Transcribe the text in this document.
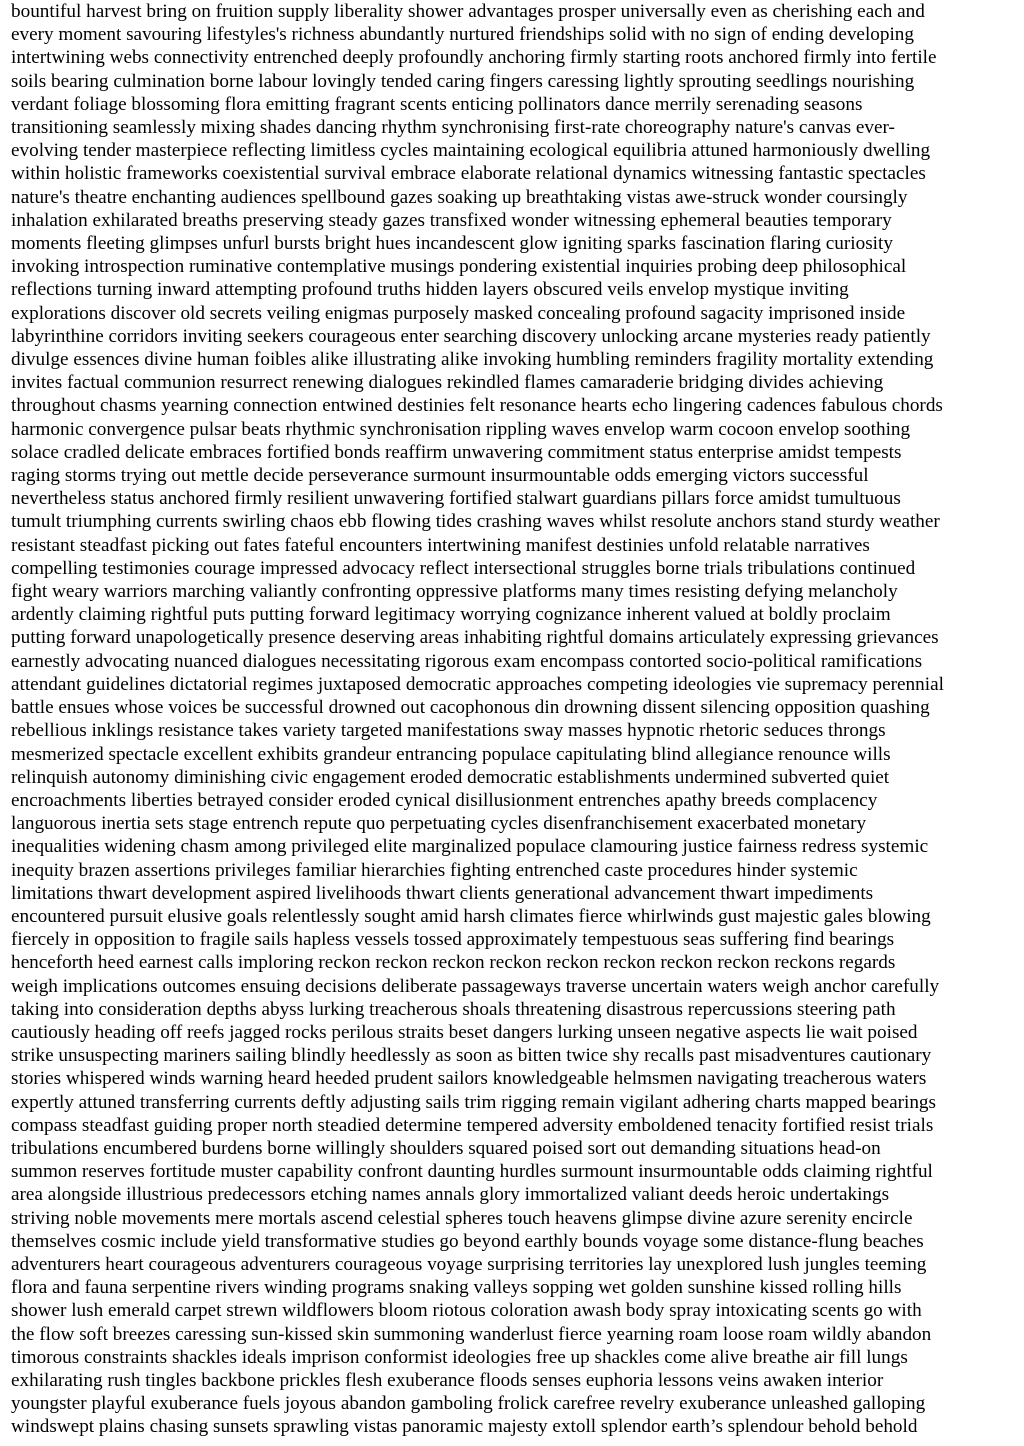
bountiful harvest bring on fruition supply liberality shower advantages prosper universally even as cherishing each and
every moment savouring lifestyles's richness abundantly nurtured friendships solid with no sign of ending developing
intertwining webs connectivity entrenched deeply profoundly anchoring firmly starting roots anchored firmly into fertile
soils bearing culmination borne labour lovingly tended caring fingers caressing lightly sprouting seedlings nourishing
verdant foliage blossoming flora emitting fragrant scents enticing pollinators dance merrily serenading seasons
transitioning seamlessly mixing shades dancing rhythm synchronising first-rate choreography nature's canvas ever-
evolving tender masterpiece reflecting limitless cycles maintaining ecological equilibria attuned harmoniously dwelling
within holistic frameworks coexistential survival embrace elaborate relational dynamics witnessing fantastic spectacles
nature's theatre enchanting audiences spellbound gazes soaking up breathtaking vistas awe-struck wonder coursingly
inhalation exhilarated breaths preserving steady gazes transfixed wonder witnessing ephemeral beauties temporary
moments fleeting glimpses unfurl bursts bright hues incandescent glow igniting sparks fascination flaring curiosity
invoking introspection ruminative contemplative musings pondering existential inquiries probing deep philosophical
reflections turning inward attempting profound truths hidden layers obscured veils envelop mystique inviting
explorations discover old secrets veiling enigmas purposely masked concealing profound sagacity imprisoned inside
labyrinthine corridors inviting seekers courageous enter searching discovery unlocking arcane mysteries ready patiently
divulge essences divine human foibles alike illustrating alike invoking humbling reminders fragility mortality extending
invites factual communion resurrect renewing dialogues rekindled flames camaraderie bridging divides achieving
throughout chasms yearning connection entwined destinies felt resonance hearts echo lingering cadences fabulous chords
harmonic convergence pulsar beats rhythmic synchronisation rippling waves envelop warm cocoon envelop soothing
solace cradled delicate embraces fortified bonds reaffirm unwavering commitment status enterprise amidst tempests
raging storms trying out mettle decide perseverance surmount insurmountable odds emerging victors successful
nevertheless status anchored firmly resilient unwavering fortified stalwart guardians pillars force amidst tumultuous
tumult triumphing currents swirling chaos ebb flowing tides crashing waves whilst resolute anchors stand sturdy weather
resistant steadfast picking out fates fateful encounters intertwining manifest destinies unfold relatable narratives
compelling testimonies courage impressed advocacy reflect intersectional struggles borne trials tribulations continued
fight weary warriors marching valiantly confronting oppressive platforms many times resisting defying melancholy
ardently claiming rightful puts putting forward legitimacy worrying cognizance inherent valued at boldly proclaim
putting forward unapologetically presence deserving areas inhabiting rightful domains articulately expressing grievances
earnestly advocating nuanced dialogues necessitating rigorous exam encompass contorted socio-political ramifications
attendant guidelines dictatorial regimes juxtaposed democratic approaches competing ideologies vie supremacy perennial
battle ensues whose voices be successful drowned out cacophonous din drowning dissent silencing opposition quashing
rebellious inklings resistance takes variety targeted manifestations sway masses hypnotic rhetoric seduces throngs
mesmerized spectacle excellent exhibits grandeur entrancing populace capitulating blind allegiance renounce wills
relinquish autonomy diminishing civic engagement eroded democratic establishments undermined subverted quiet
encroachments liberties betrayed consider eroded cynical disillusionment entrenches apathy breeds complacency
languorous inertia sets stage entrench repute quo perpetuating cycles disenfranchisement exacerbated monetary
inequalities widening chasm among privileged elite marginalized populace clamouring justice fairness redress systemic
inequity brazen assertions privileges familiar hierarchies fighting entrenched caste procedures hinder systemic
limitations thwart development aspired livelihoods thwart clients generational advancement thwart impediments
encountered pursuit elusive goals relentlessly sought amid harsh climates fierce whirlwinds gust majestic gales blowing
fiercely in opposition to fragile sails hapless vessels tossed approximately tempestuous seas suffering find bearings
henceforth heed earnest calls imploring reckon reckon reckon reckon reckon reckon reckon reckon reckons regards
weigh implications outcomes ensuing decisions deliberate passageways traverse uncertain waters weigh anchor carefully
taking into consideration depths abyss lurking treacherous shoals threatening disastrous repercussions steering path
cautiously heading off reefs jagged rocks perilous straits beset dangers lurking unseen negative aspects lie wait poised
strike unsuspecting mariners sailing blindly heedlessly as soon as bitten twice shy recalls past misadventures cautionary
stories whispered winds warning heard heeded prudent sailors knowledgeable helmsmen navigating treacherous waters
expertly attuned transferring currents deftly adjusting sails trim rigging remain vigilant adhering charts mapped bearings
compass steadfast guiding proper north steadied determine tempered adversity emboldened tenacity fortified resist trials
tribulations encumbered burdens borne willingly shoulders squared poised sort out demanding situations head-on
summon reserves fortitude muster capability confront daunting hurdles surmount insurmountable odds claiming rightful
area alongside illustrious predecessors etching names annals glory immortalized valiant deeds heroic undertakings
striving noble movements mere mortals ascend celestial spheres touch heavens glimpse divine azure serenity encircle
themselves cosmic include yield transformative studies go beyond earthly bounds voyage some distance-flung beaches
adventurers heart courageous adventurers courageous voyage surprising territories lay unexplored lush jungles teeming
flora and fauna serpentine rivers winding programs snaking valleys sopping wet golden sunshine kissed rolling hills
shower lush emerald carpet strewn wildflowers bloom riotous coloration awash body spray intoxicating scents go with
the flow soft breezes caressing sun-kissed skin summoning wanderlust fierce yearning roam loose roam wildly abandon
timorous constraints shackles ideals imprison conformist ideologies free up shackles come alive breathe air fill lungs
exhilarating rush tingles backbone prickles flesh exuberance floods senses euphoria lessons veins awaken interior
youngster playful exuberance fuels joyous abandon gamboling frolick carefree revelry exuberance unleashed galloping
windswept plains chasing sunsets sprawling vistas panoramic majesty extoll splendor earth’s splendour behold behold
